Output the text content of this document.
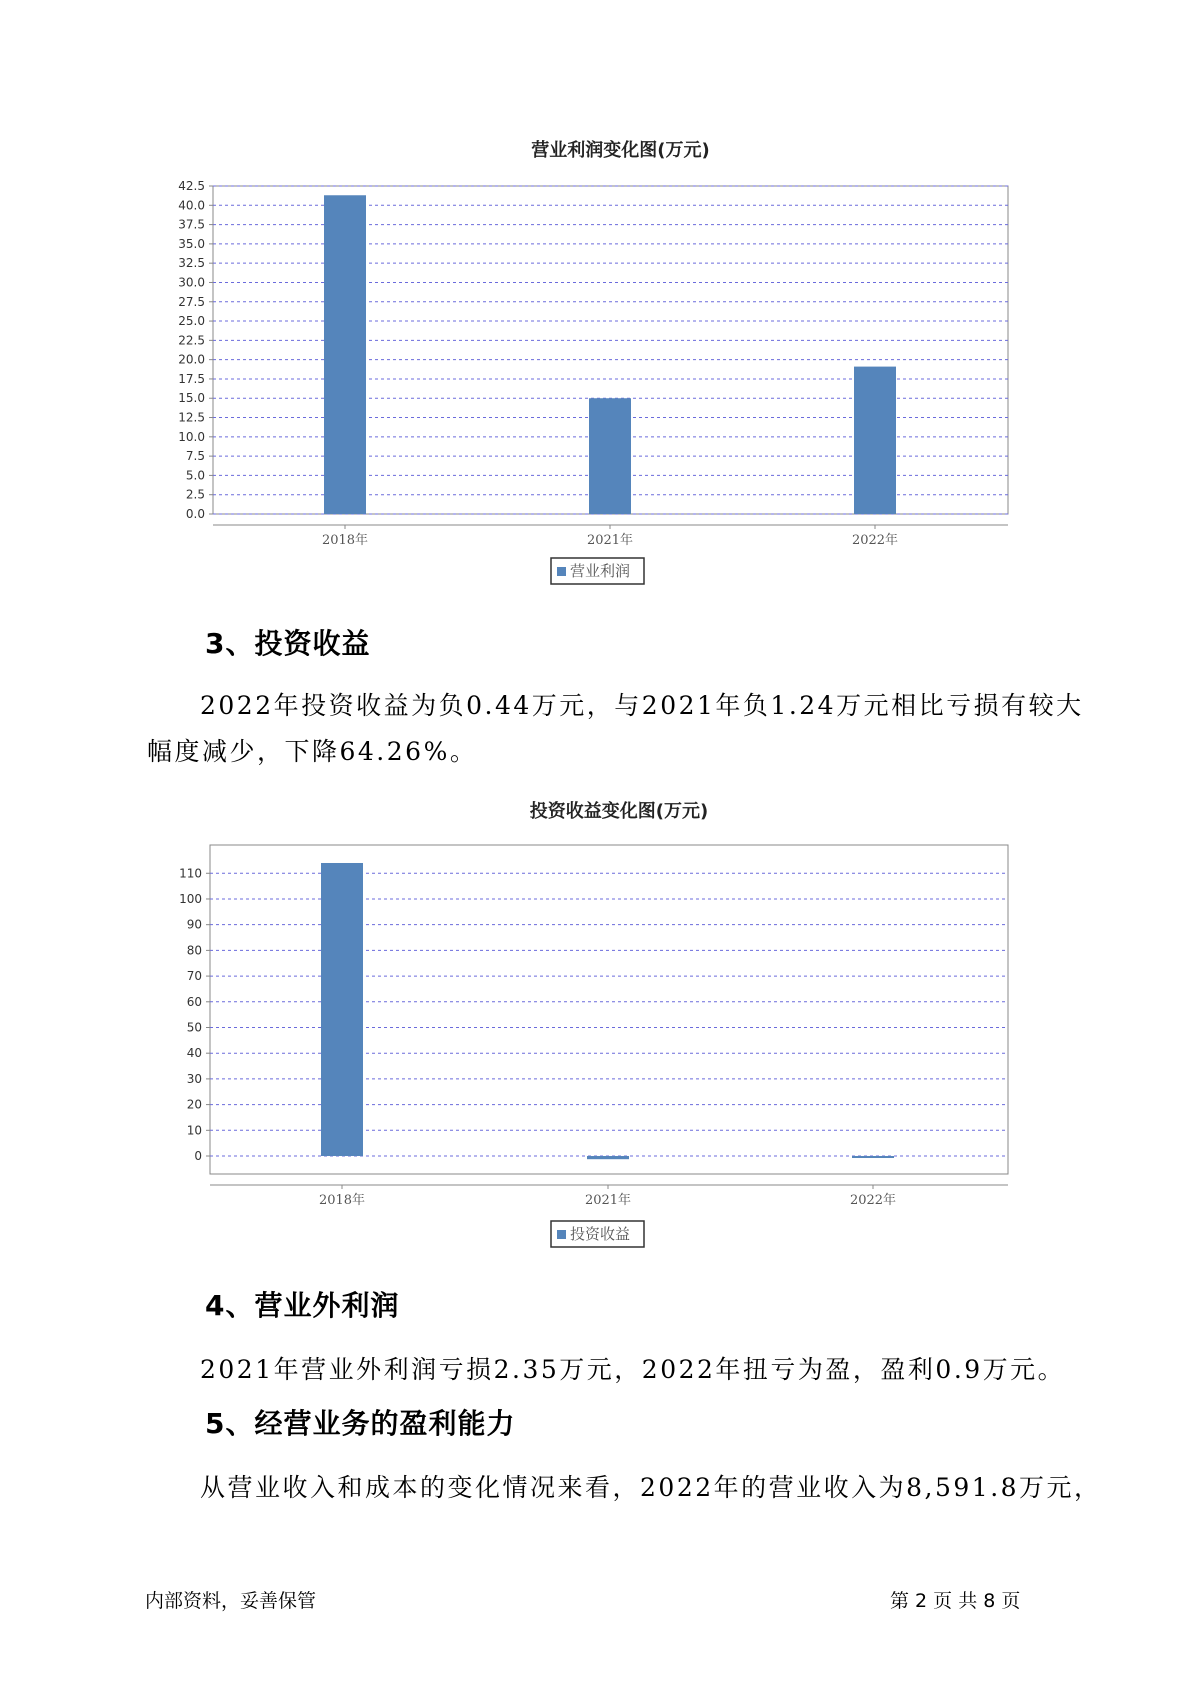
营业利润变化图(万元)
0.0
2.5
5.0
7.5
10.0
12.5
15.0
17.5
20.0
22.5
25.0
27.5
30.0
32.5
35.0
37.5
40.0
42.5
2018年	2021年	2022年
营业利润
3、投资收益
2022年投资收益为负0.44万元，与2021年负1.24万元相比亏损有较大
幅度减少，下降64.26%。
投资收益变化图(万元)
0
10
20
30
40
50
60
70
80
90
100
110
2018年	2021年	2022年
投资收益
4、营业外利润
2021年营业外利润亏损2.35万元，2022年扭亏为盈，盈利0.9万元。
5、经营业务的盈利能力
从营业收入和成本的变化情况来看，2022年的营业收入为8,591.8万元，
内部资料，妥善保管	第 2 页 共 8 页
